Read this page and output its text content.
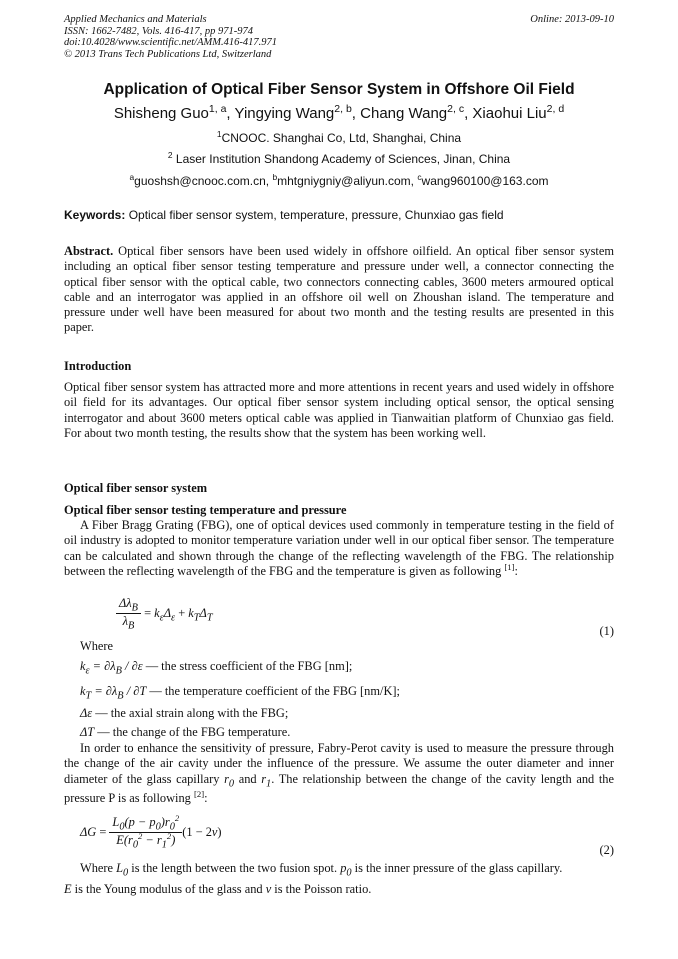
Applied Mechanics and Materials
ISSN: 1662-7482, Vols. 416-417, pp 971-974
doi:10.4028/www.scientific.net/AMM.416-417.971
© 2013 Trans Tech Publications Ltd, Switzerland
Online: 2013-09-10
Application of Optical Fiber Sensor System in Offshore Oil Field
Shisheng Guo$^{1, a}$, Yingying Wang$^{2, b}$, Chang Wang$^{2, c}$, Xiaohui Liu$^{2, d}$
$^1$CNOOC. Shanghai Co, Ltd, Shanghai, China
$^2$ Laser Institution Shandong Academy of Sciences, Jinan, China
$^a$guoshsh@cnooc.com.cn, $^b$mhtgniygniy@aliyun.com, $^c$wang960100@163.com
Keywords: Optical fiber sensor system, temperature, pressure, Chunxiao gas field
Abstract. Optical fiber sensors have been used widely in offshore oilfield. An optical fiber sensor system including an optical fiber sensor testing temperature and pressure under well, a connector connecting the optical fiber sensor with the optical cable, two connectors connecting cables, 3600 meters armoured optical cable and an interrogator was applied in an offshore oil well on Zhoushan island. The temperature and pressure under well have been measured for about two month and the testing results are presented in this paper.
Introduction
Optical fiber sensor system has attracted more and more attentions in recent years and used widely in offshore oil field for its advantages. Our optical fiber sensor system including optical sensor, the optical sensing interrogator and about 3600 meters optical cable was applied in Tianwaitian platform of Chunxiao gas field. For about two month testing, the results show that the system has been working well.
Optical fiber sensor system
Optical fiber sensor testing temperature and pressure
A Fiber Bragg Grating (FBG), one of optical devices used commonly in temperature testing in the field of oil industry is adopted to monitor temperature variation under well in our optical fiber sensor. The temperature can be calculated and shown through the change of the reflecting wavelength of the FBG. The relationship between the reflecting wavelength of the FBG and the temperature is given as following [1]:
$\frac{\Delta\lambda_B}{\lambda_B} = k_\varepsilon\Delta_\varepsilon + k_T\Delta_T$
(1)
Where
$k_\varepsilon = \partial\lambda_B / \partial\varepsilon$ — the stress coefficient of the FBG [nm];
$k_T = \partial\lambda_B / \partial T$ — the temperature coefficient of the FBG [nm/K];
Δε — the axial strain along with the FBG;
ΔT — the change of the FBG temperature.
In order to enhance the sensitivity of pressure, Fabry-Perot cavity is used to measure the pressure through the change of the air cavity under the influence of the pressure. We assume the outer diameter and inner diameter of the glass capillary $r_0$ and $r_1$. The relationship between the change of the cavity length and the pressure P is as following [2]:
$\Delta G = \frac{L_0(p - p_0)r_0^2}{E(r_0^2 - r_1^2)} (1 - 2v)$
(2)
Where $L_0$ is the length between the two fusion spot. $p_0$ is the inner pressure of the glass capillary.
E is the Young modulus of the glass and v is the Poisson ratio.
